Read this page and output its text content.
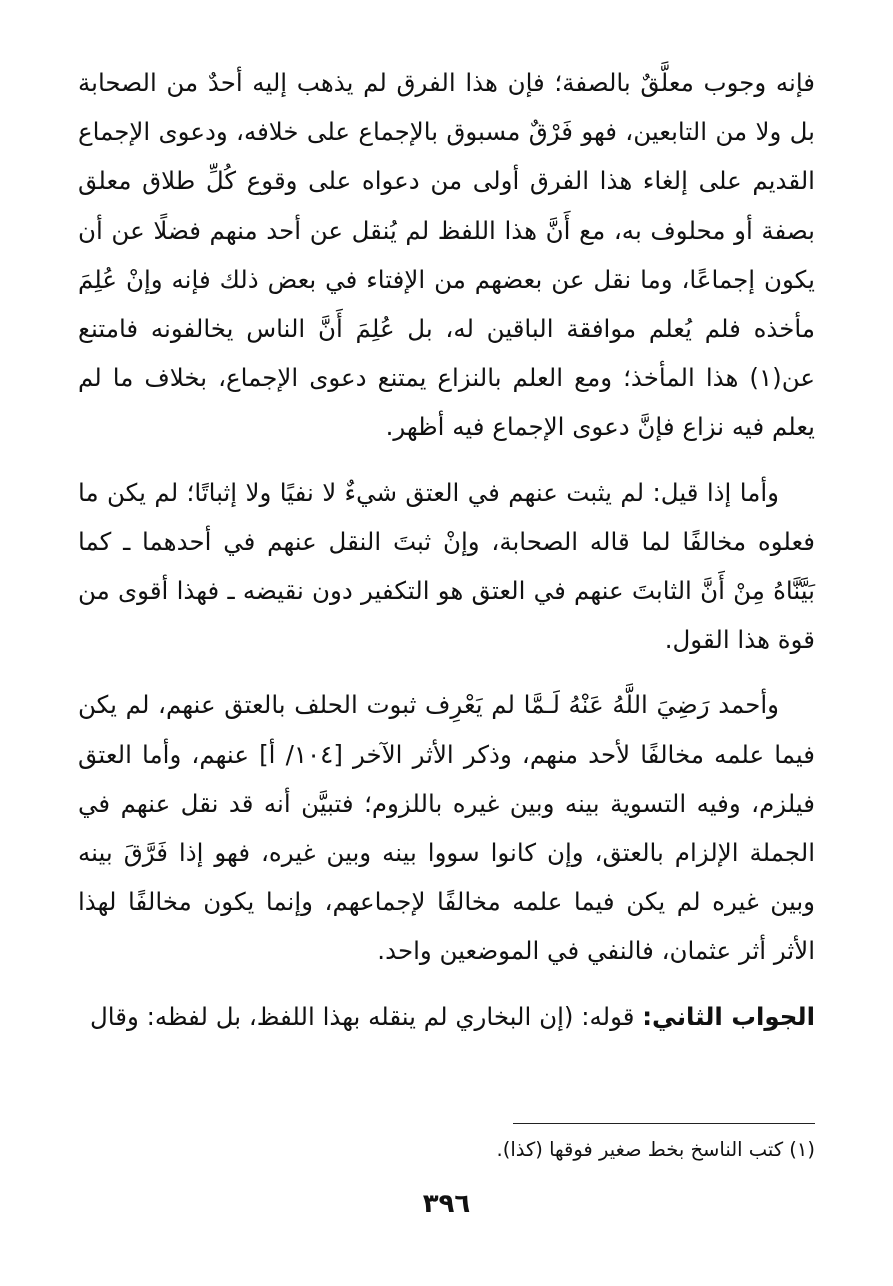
فإنه وجوب معلَّقٌ بالصفة؛ فإن هذا الفرق لم يذهب إليه أحدٌ من الصحابة بل ولا من التابعين، فهو فَرْقٌ مسبوق بالإجماع على خلافه، ودعوى الإجماع القديم على إلغاء هذا الفرق أولى من دعواه على وقوع كُلِّ طلاق معلق بصفة أو محلوف به، مع أَنَّ هذا اللفظ لم يُنقل عن أحد منهم فضلًا عن أن يكون إجماعًا، وما نقل عن بعضهم من الإفتاء في بعض ذلك فإنه وإنْ عُلِمَ مأخذه فلم يُعلم موافقة الباقين له، بل عُلِمَ أَنَّ الناس يخالفونه فامتنع عن(١) هذا المأخذ؛ ومع العلم بالنزاع يمتنع دعوى الإجماع، بخلاف ما لم يعلم فيه نزاع فإنَّ دعوى الإجماع فيه أظهر.

وأما إذا قيل: لم يثبت عنهم في العتق شيءٌ لا نفيًا ولا إثباتًا؛ لم يكن ما فعلوه مخالفًا لما قاله الصحابة، وإنْ ثبتَ النقل عنهم في أحدهما ـ كما بَيَّنَّاهُ مِنْ أَنَّ الثابتَ عنهم في العتق هو التكفير دون نقيضه ـ فهذا أقوى من قوة هذا القول.

وأحمد رَضِيَ اللَّهُ عَنْهُ لَـمَّا لم يَعْرِف ثبوت الحلف بالعتق عنهم، لم يكن فيما علمه مخالفًا لأحد منهم، وذكر الأثر الآخر [١٠٤/ أ] عنهم، وأما العتق فيلزم، وفيه التسوية بينه وبين غيره باللزوم؛ فتبيَّن أنه قد نقل عنهم في الجملة الإلزام بالعتق، وإن كانوا سووا بينه وبين غيره، فهو إذا فَرَّقَ بينه وبين غيره لم يكن فيما علمه مخالفًا لإجماعهم، وإنما يكون مخالفًا لهذا الأثر أثر عثمان، فالنفي في الموضعين واحد.

الجواب الثاني: قوله: (إن البخاري لم ينقله بهذا اللفظ، بل لفظه: وقال

(١) كتب الناسخ بخط صغير فوقها (كذا).

٣٩٦
